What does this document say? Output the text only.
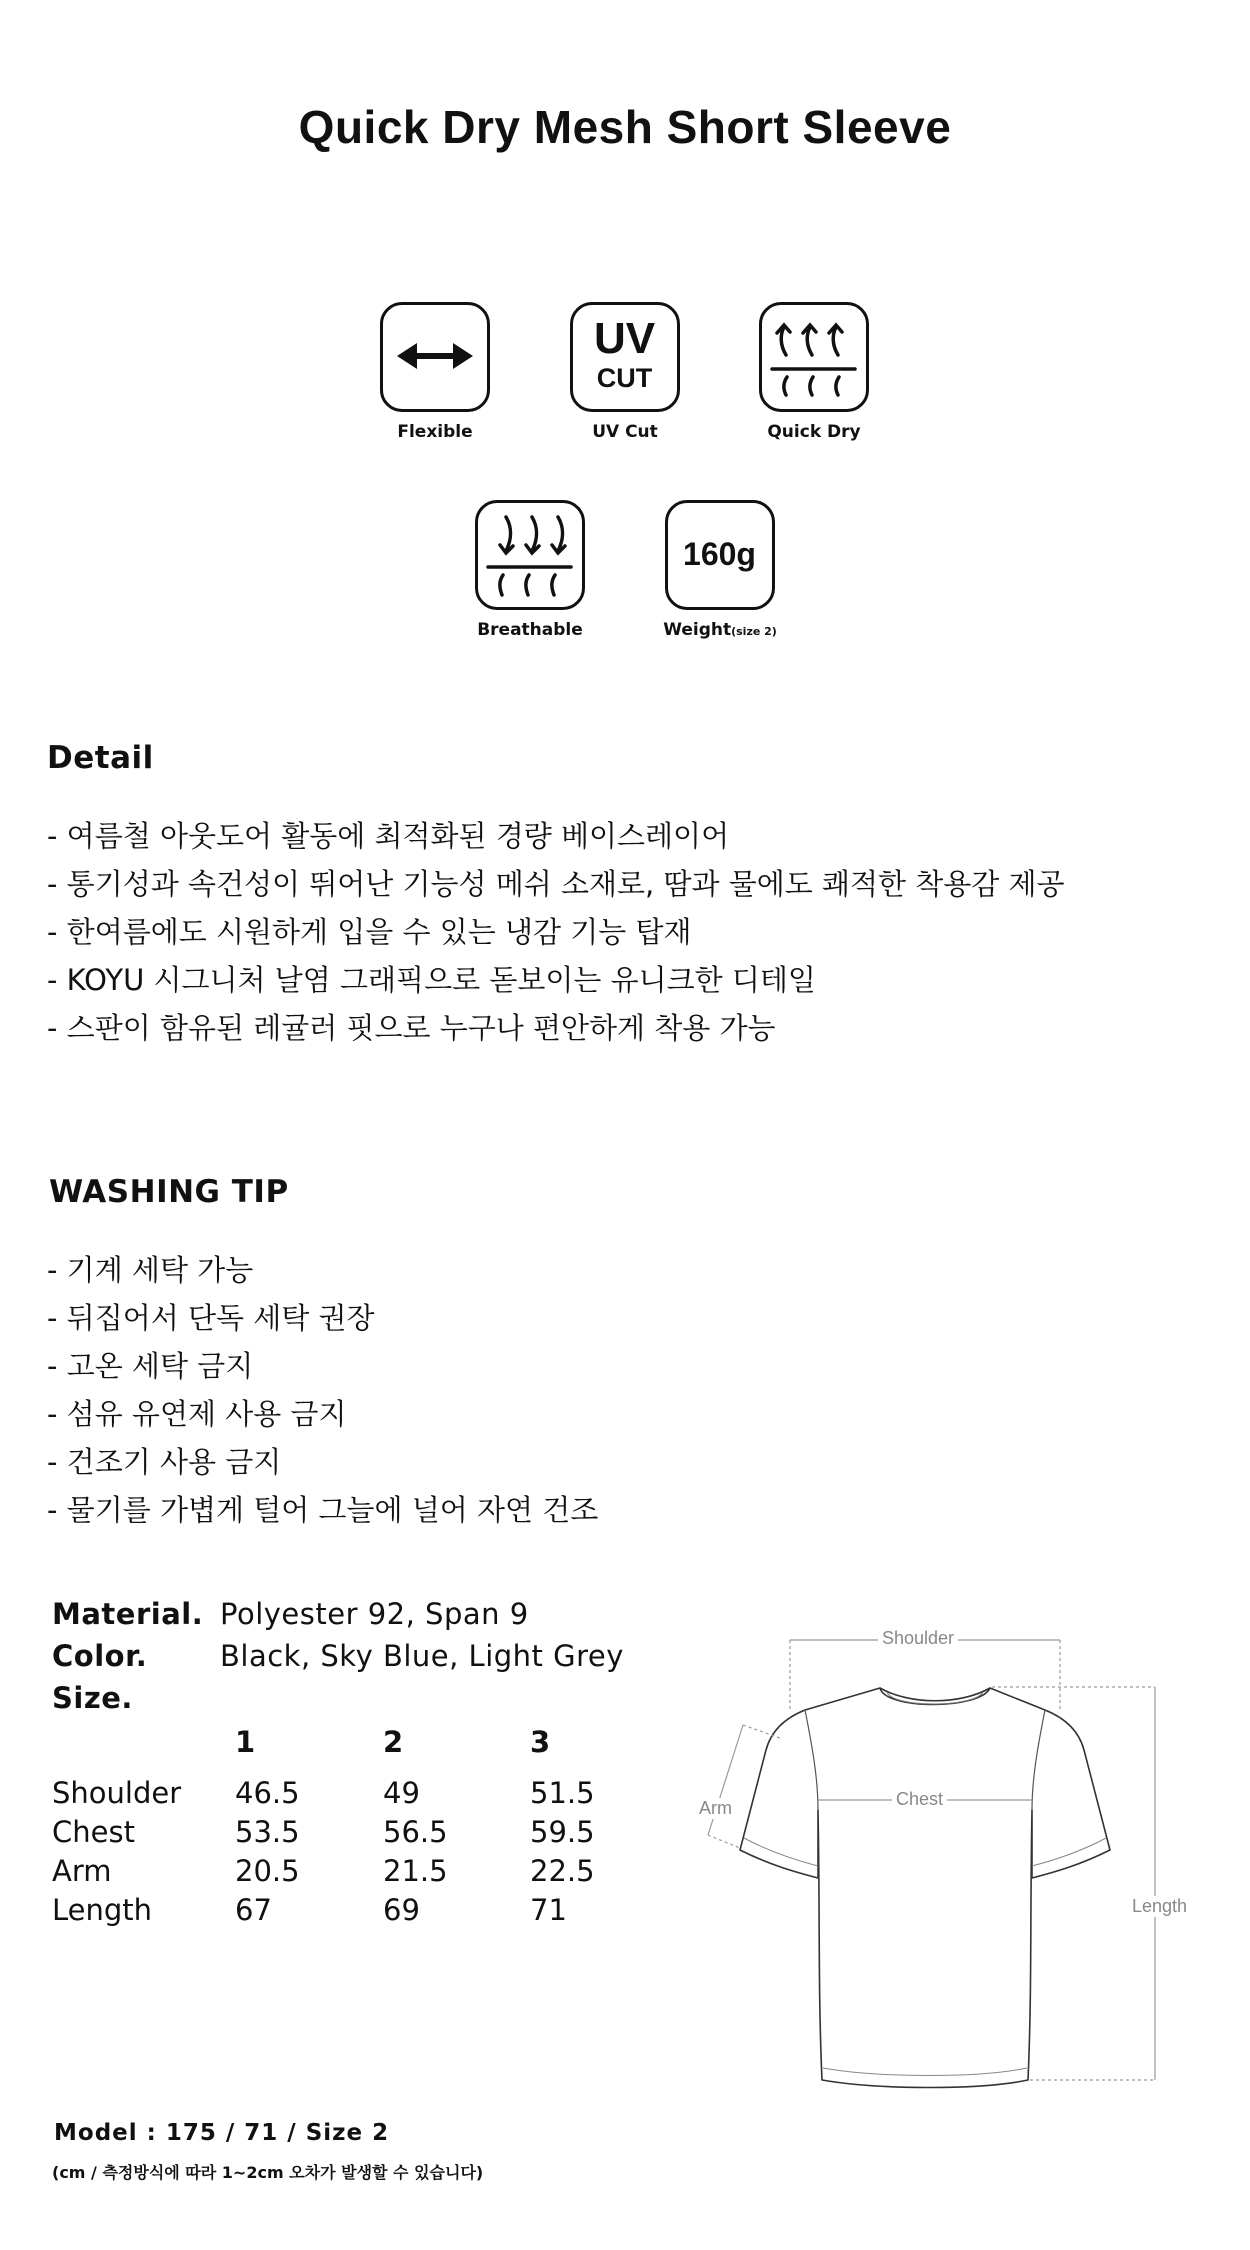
Quick Dry Mesh Short Sleeve
Flexible
UV
CUT
UV Cut	Quick Dry
Breathable
160g
Weight(size 2)
Detail
- 여름철 아웃도어 활동에 최적화된 경량 베이스레이어
- 통기성과 속건성이 뛰어난 기능성 메쉬 소재로, 땀과 물에도 쾌적한 착용감 제공
- 한여름에도 시원하게 입을 수 있는 냉감 기능 탑재
- KOYU 시그니처 날염 그래픽으로 돋보이는 유니크한 디테일
- 스판이 함유된 레귤러 핏으로 누구나 편안하게 착용 가능
WASHING TIP
- 기계 세탁 가능
- 뒤집어서 단독 세탁 권장
- 고온 세탁 금지
- 섬유 유연제 사용 금지
- 건조기 사용 금지
- 물기를 가볍게 털어 그늘에 널어 자연 건조
Material. Polyester 92, Span 9
Color.	Black, Sky Blue, Light Grey
Size.
1	2	3
Shoulder 46.5	49	51.5
Chest	53.5	56.5	59.5
Arm	20.5	21.5	22.5
Length	67	69	71
Shoulder
Chest
Arm
Length
Model : 175 / 71 / Size 2
(cm / 측정방식에 따라 1~2cm 오차가 발생할 수 있습니다)
